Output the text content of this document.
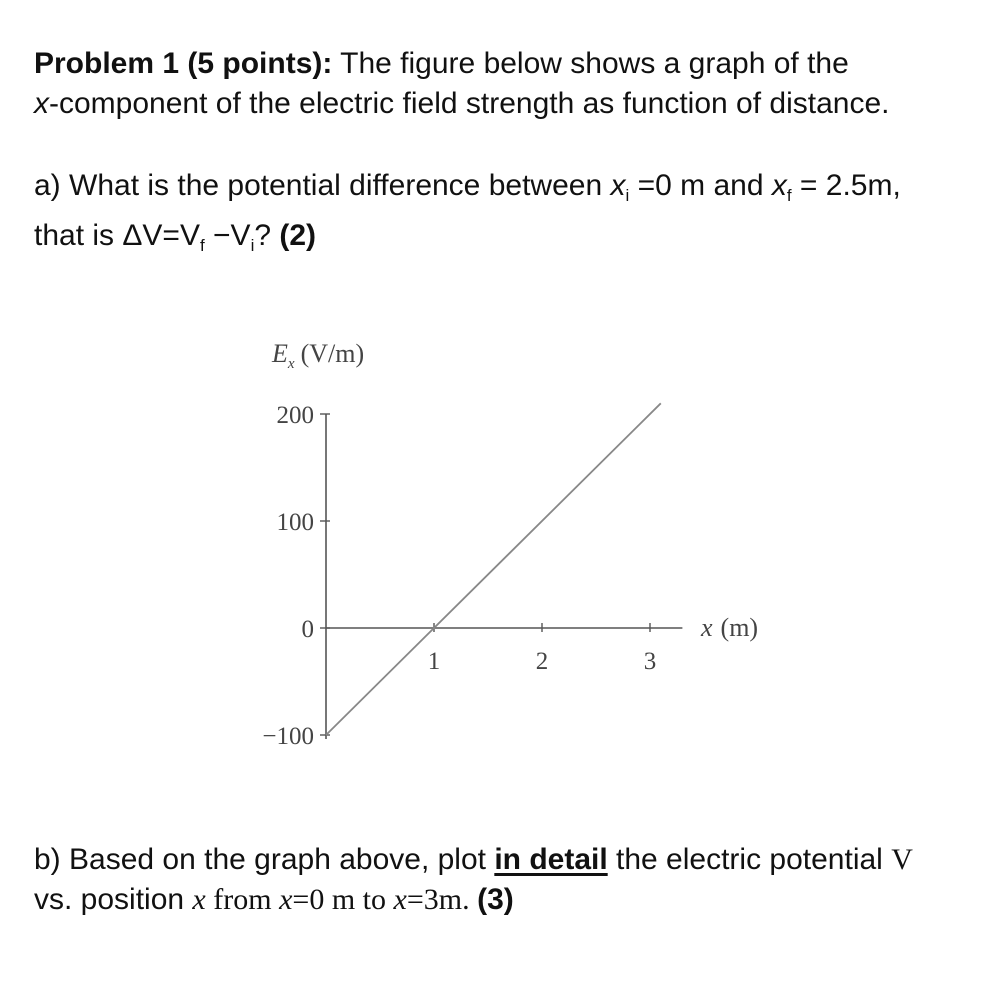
Problem 1 (5 points): The figure below shows a graph of the
x-component of the electric field strength as function of distance.
a) What is the potential difference between $x_i =0$ m and $x_f = 2.5m$,
that is $\Delta V=V_f -V_i$? (2)
$E_x$ (V/m)
x (m)
200
100
0
−100
1	2	3
b) Based on the graph above, plot in detail the electric potential V
vs. position x from x=0 m to x=3m. (3)
